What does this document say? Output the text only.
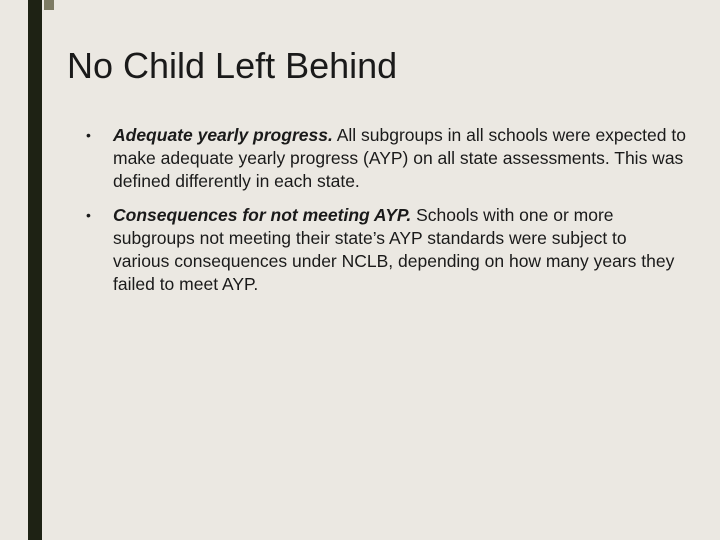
No Child Left Behind
• Adequate yearly progress. All subgroups in all schools were expected to make adequate yearly progress (AYP) on all state assessments. This was defined differently in each state.
• Consequences for not meeting AYP. Schools with one or more subgroups not meeting their state’s AYP standards were subject to various consequences under NCLB, depending on how many years they failed to meet AYP.
